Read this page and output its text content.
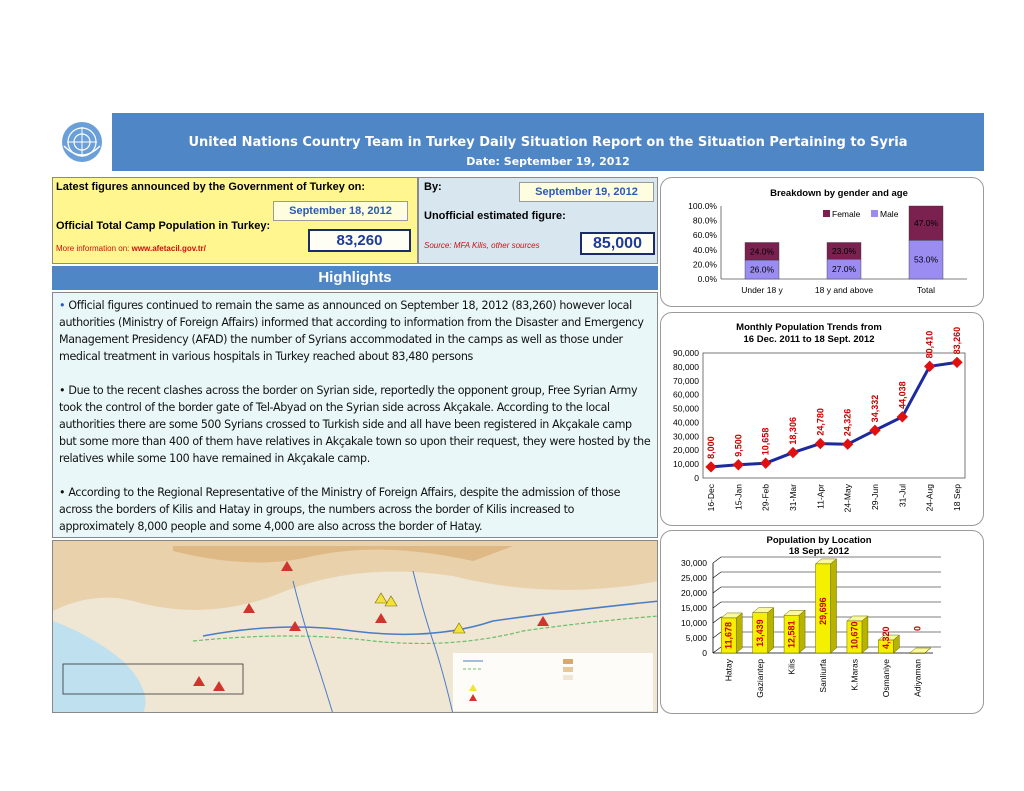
United Nations Country Team in Turkey Daily Situation Report on the Situation Pertaining to Syria
Date: September 19, 2012
Latest figures announced by the Government of Turkey on:
September 18, 2012
Official Total Camp Population in Turkey:
83,260
More information on: www.afetacil.gov.tr/
By:	September 19, 2012
Unofficial estimated figure:
Source: MFA Kilis, other sources	85,000
Highlights

• Official figures continued to remain the same as announced on September 18, 2012 (83,260) however local authorities (Ministry of Foreign Affairs) informed that according to information from the Disaster and Emergency Management Presidency (AFAD) the number of Syrians accommodated in the camps as well as those under medical treatment in various hospitals in Turkey reached about 83,480 persons

• Due to the recent clashes across the border on Syrian side, reportedly the opponent group, Free Syrian Army took the control of the border gate of Tel-Abyad on the Syrian side across Akçakale. According to the local authorities there are some 500 Syrians crossed to Turkish side and all have been registered in Akçakale camp but some more than 400 of them have relatives in Akçakale town so upon their request, they were hosted by the relatives while some 100 have remained in Akçakale camp.

• According to the Regional Representative of the Ministry of Foreign Affairs, despite the admission of those across the borders of Kilis and Hatay in groups, the numbers across the border of Kilis increased to approximately 8,000 people and some 4,000 are also across the border of Hatay.

Breakdown by gender and age
0.0%
20.0%
40.0%
60.0%
80.0%
100.0%
26.0%
24.0%
27.0%
23.0%
53.0%
47.0%
Under 18 y	18 y and above	Total
Female Male
Monthly Population Trends from
16 Dec. 2011 to 18 Sept. 2012
0
10,000
20,000
30,000
40,000
50,000
60,000
70,000
80,000
90,000
8,000 9,500 10,658 18,306 24,780 24,326
34,332 44,038
80,410 83,260
16-Dec 15-Jan 29-Feb 31-Mar 11-Apr 24-May 29-Jun 31-Jul 24-Aug 18 Sep
Population by Location
18 Sept. 2012
0
5,000
10,000
15,000
20,000
25,000
30,000
11,678 13,439 12,581
29,696
10,670 4,320 0
Hatay	Gaziantep	Kilis	Sanliurfa	K.Maras	Osmaniye	Adiyaman
